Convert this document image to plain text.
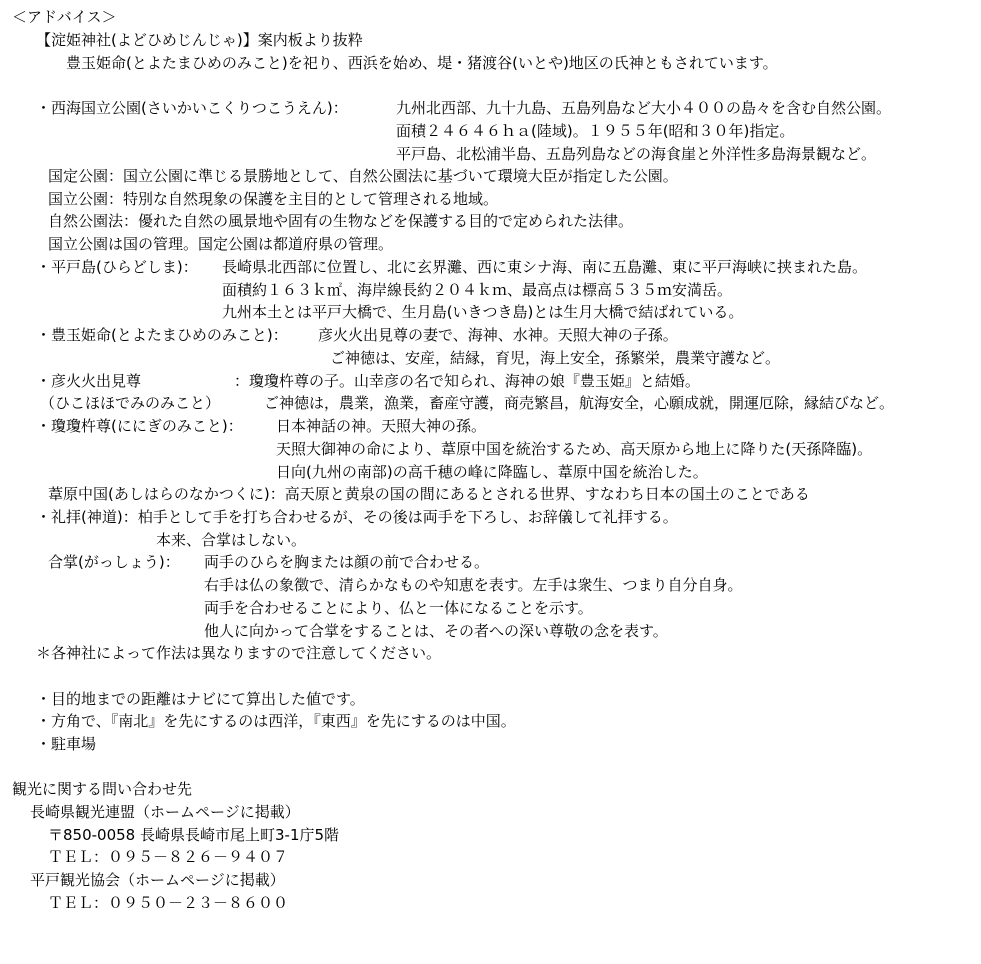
＜アドバイス＞
【淀姫神社(よどひめじんじゃ)】案内板より抜粋
豊玉姫命(とよたまひめのみこと)を祀り、西浜を始め、堤・猪渡谷(いとや)地区の氏神ともされています。
・西海国立公園(さいかいこくりつこうえん)：	九州北西部、九十九島、五島列島など大小４００の島々を含む自然公園。
面積２４６４６ｈａ(陸域)。１９５５年(昭和３０年)指定。
平戸島、北松浦半島、五島列島などの海食崖と外洋性多島海景観など。
国定公園：国立公園に準じる景勝地として、自然公園法に基づいて環境大臣が指定した公園。
国立公園：特別な自然現象の保護を主目的として管理される地域。
自然公園法：優れた自然の風景地や固有の生物などを保護する目的で定められた法律。
国立公園は国の管理。国定公園は都道府県の管理。
・平戸島(ひらどしま)： 長崎県北西部に位置し、北に玄界灘、西に東シナ海、南に五島灘、東に平戸海峡に挟まれた島。
面積約１６３ｋ㎡、海岸線長約２０４ｋｍ、最高点は標高５３５ｍ安満岳。
九州本土とは平戸大橋で、生月島(いきつき島)とは生月大橋で結ばれている。
・豊玉姫命(とよたまひめのみこと)： 彦火火出見尊の妻で、海神、水神。天照大神の子孫。
ご神徳は、安産，結縁，育児，海上安全，孫繁栄，農業守護など。
・彦火火出見尊	：瓊瓊杵尊の子。山幸彦の名で知られ、海神の娘『豊玉姫』と結婚。
（ひこほほでみのみこと）	ご神徳は，農業，漁業，畜産守護，商売繁昌，航海安全，心願成就，開運厄除，縁結びなど。
・瓊瓊杵尊(ににぎのみこと)： 日本神話の神。天照大神の孫。
天照大御神の命により、葦原中国を統治するため、高天原から地上に降りた(天孫降臨)。
日向(九州の南部)の高千穂の峰に降臨し、葦原中国を統治した。
葦原中国(あしはらのなかつくに)：高天原と黄泉の国の間にあるとされる世界、すなわち日本の国土のことである
・礼拝(神道)：柏手として手を打ち合わせるが、その後は両手を下ろし、お辞儀して礼拝する。
本来、合掌はしない。
合掌(がっしょう)： 両手のひらを胸または顔の前で合わせる。
右手は仏の象徴で、清らかなものや知恵を表す。左手は衆生、つまり自分自身。
両手を合わせることにより、仏と一体になることを示す。
他人に向かって合掌をすることは、その者への深い尊敬の念を表す。
＊各神社によって作法は異なりますので注意してください。
・目的地までの距離はナビにて算出した値です。
・方角で、『南北』を先にするのは西洋，『東西』を先にするのは中国。
・駐車場
観光に関する問い合わせ先
長崎県観光連盟（ホームページに掲載）
〒850-0058 長崎県長崎市尾上町3-1庁5階
ＴＥＬ：０９５－８２６－９４０７
平戸観光協会（ホームページに掲載）
ＴＥＬ：０９５０－２３－８６００
